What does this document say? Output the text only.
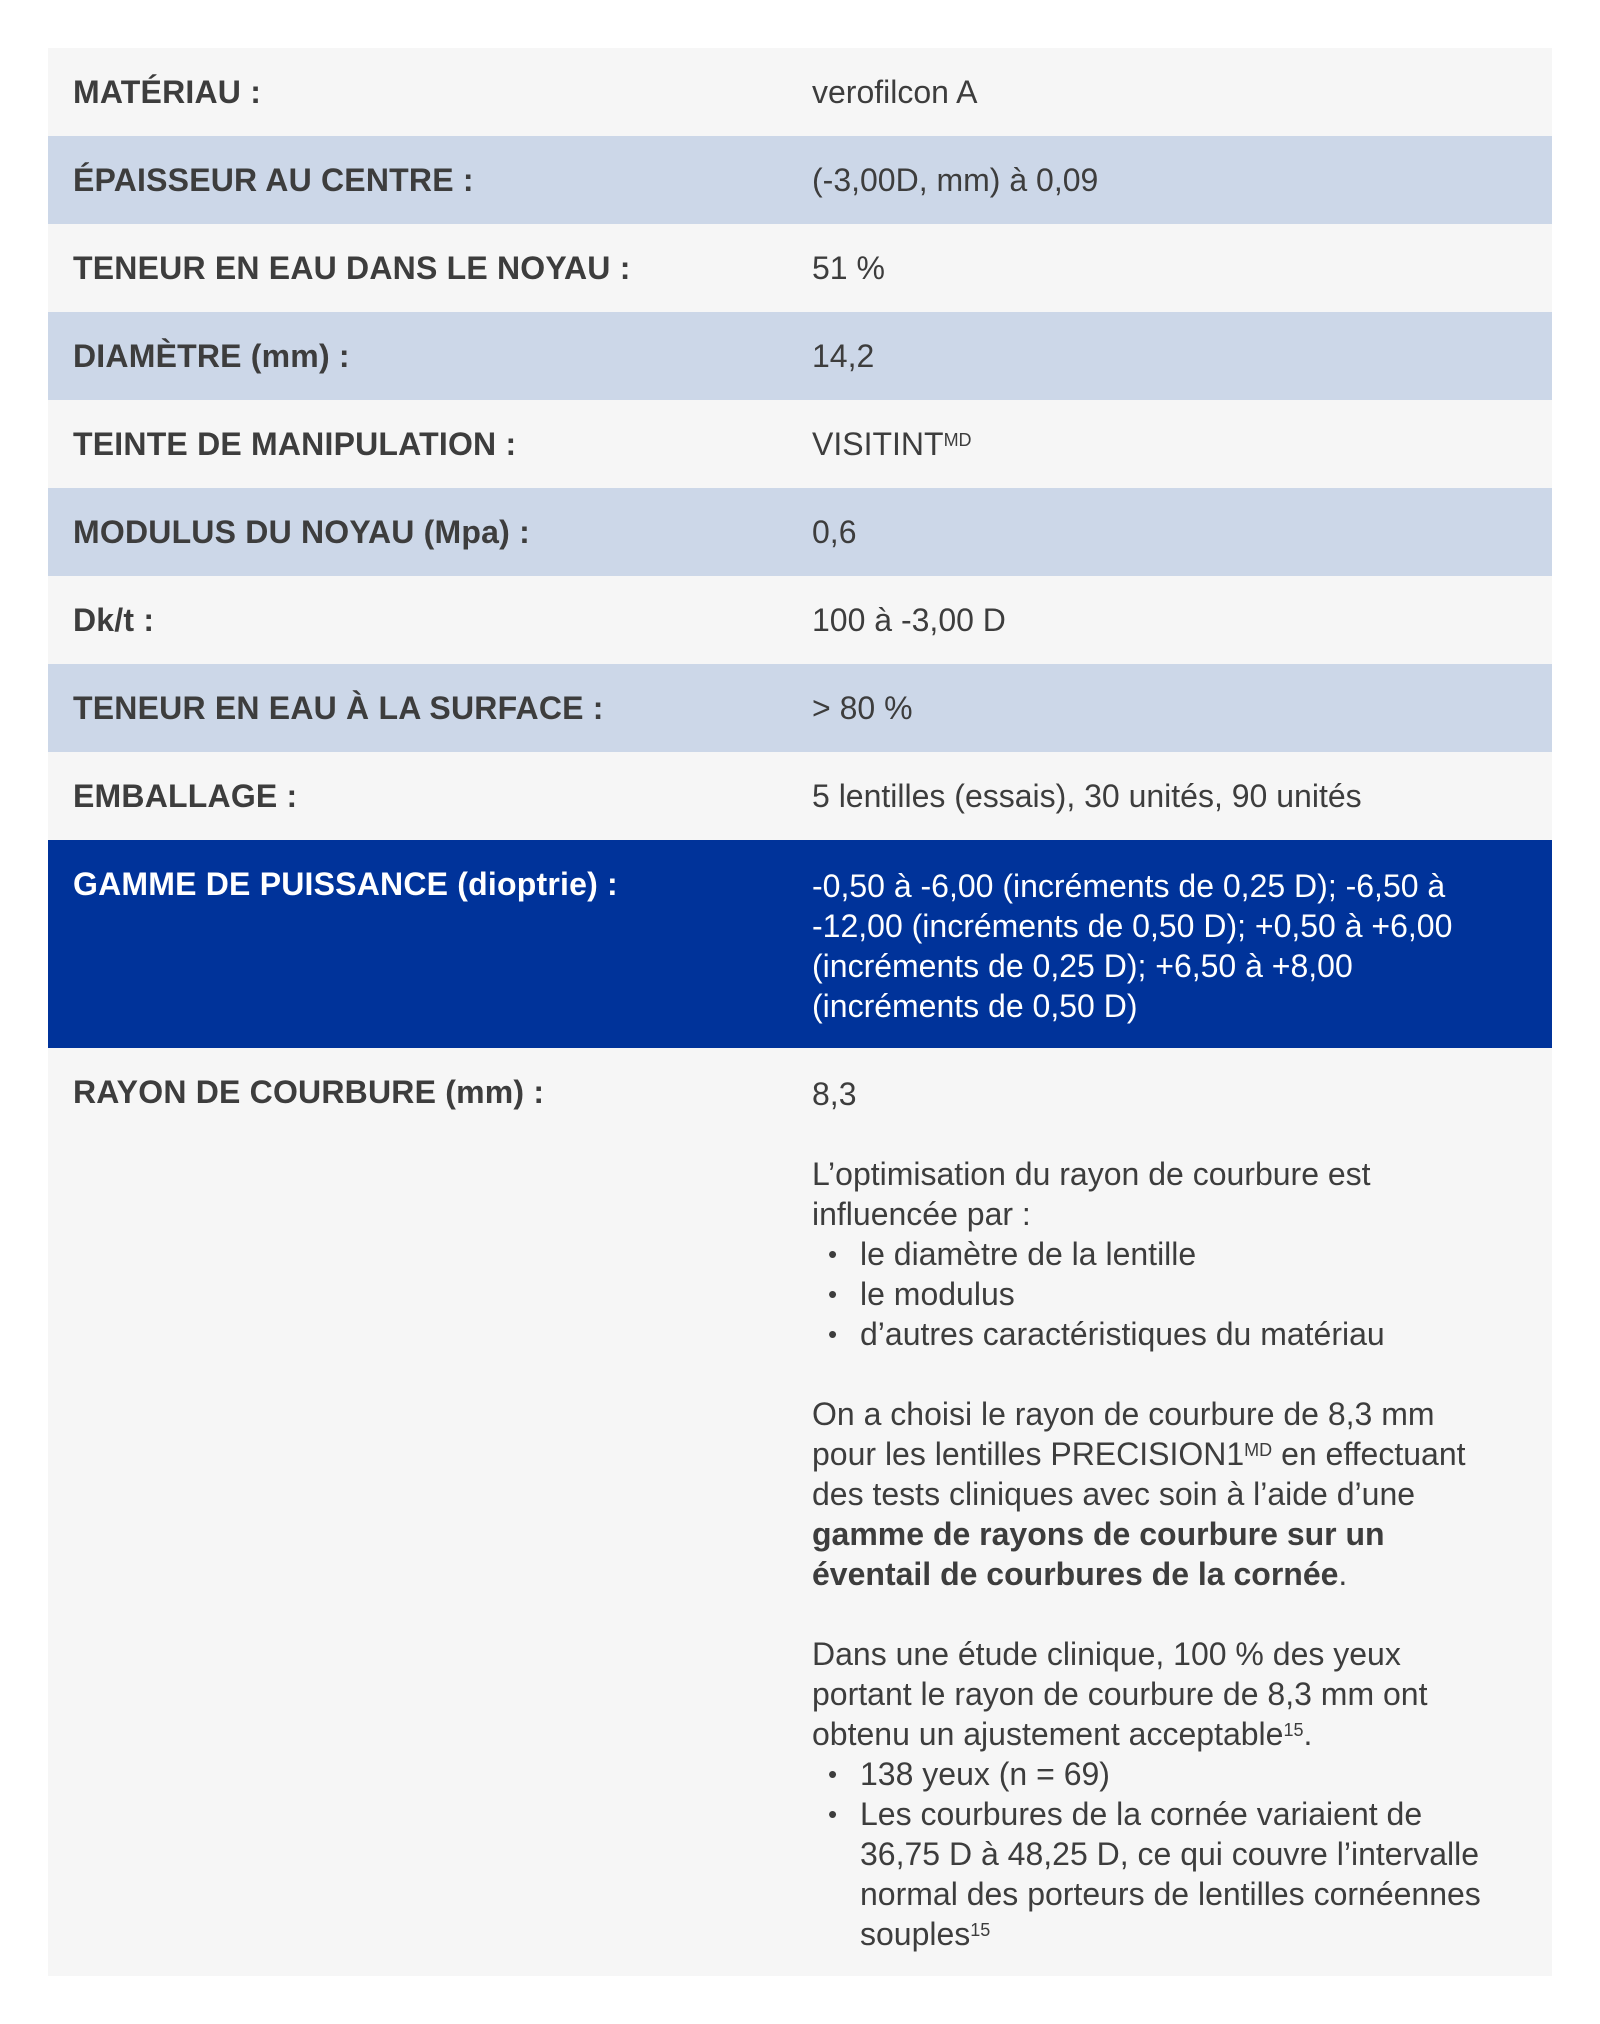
MATÉRIAU :	verofilcon A
ÉPAISSEUR AU CENTRE :	(-3,00D, mm) à 0,09
TENEUR EN EAU DANS LE NOYAU :	51 %
DIAMÈTRE (mm) :	14,2
TEINTE DE MANIPULATION :	$VISITINT^{MD}$
MODULUS DU NOYAU (Mpa) :	0,6
Dk/t :	100 à -3,00 D
TENEUR EN EAU À LA SURFACE :	> 80 %
EMBALLAGE :	5 lentilles (essais), 30 unités, 90 unités
GAMME DE PUISSANCE (dioptrie) :	-0,50 à -6,00 (incréments de 0,25 D); -6,50 à -12,00 (incréments de 0,50 D); +0,50 à +6,00 (incréments de 0,25 D); +6,50 à +8,00 (incréments de 0,50 D)
RAYON DE COURBURE (mm) :	8,3

L’optimisation du rayon de courbure est influencée par :

• le diamètre de la lentille
• le modulus
• d’autres caractéristiques du matériau

On a choisi le rayon de courbure de 8,3 mm pour les lentilles $PRECISION1^{MD}$ en effectuant des tests cliniques avec soin à l’aide d’une gamme de rayons de courbure sur un éventail de courbures de la cornée.

Dans une étude clinique, 100 % des yeux portant le rayon de courbure de 8,3 mm ont obtenu un ajustement acceptable$^{15}$.

• 138 yeux (n = 69)
• Les courbures de la cornée variaient de 36,75 D à 48,25 D, ce qui couvre l’intervalle normal des porteurs de lentilles cornéennes souples$^{15}$
